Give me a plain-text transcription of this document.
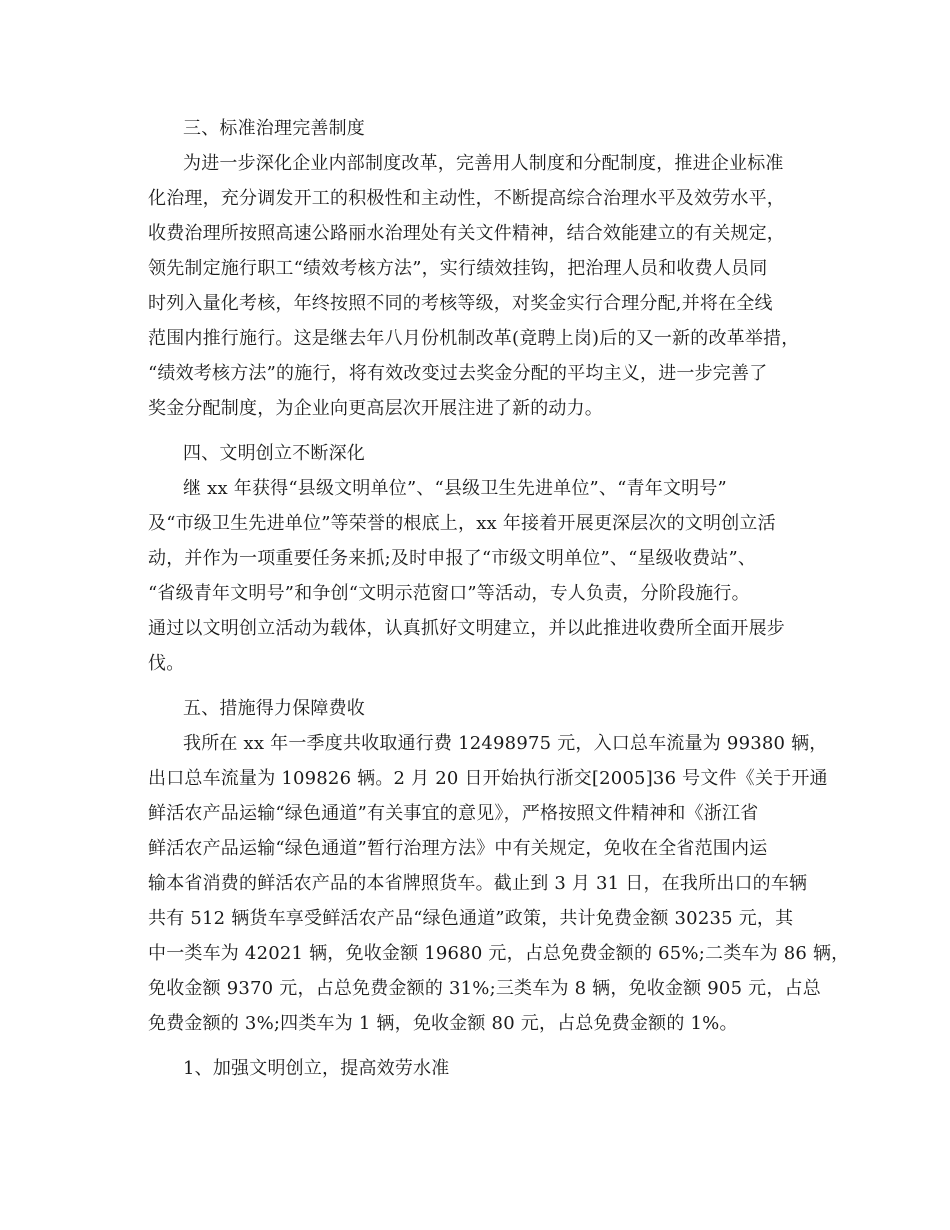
三、标准治理完善制度
为进一步深化企业内部制度改革，完善用人制度和分配制度，推进企业标准
化治理，充分调发开工的积极性和主动性，不断提高综合治理水平及效劳水平，
收费治理所按照高速公路丽水治理处有关文件精神，结合效能建立的有关规定，
领先制定施行职工“绩效考核方法”，实行绩效挂钩，把治理人员和收费人员同
时列入量化考核，年终按照不同的考核等级，对奖金实行合理分配,并将在全线
范围内推行施行。这是继去年八月份机制改革(竟聘上岗)后的又一新的改革举措，
“绩效考核方法”的施行，将有效改变过去奖金分配的平均主义，进一步完善了
奖金分配制度，为企业向更高层次开展注进了新的动力。
四、文明创立不断深化
继 xx 年获得“县级文明单位”、“县级卫生先进单位”、“青年文明号”
及“市级卫生先进单位”等荣誉的根底上，xx 年接着开展更深层次的文明创立活
动，并作为一项重要任务来抓;及时申报了“市级文明单位”、“星级收费站”、
“省级青年文明号”和争创“文明示范窗口”等活动，专人负责，分阶段施行。
通过以文明创立活动为载体，认真抓好文明建立，并以此推进收费所全面开展步
伐。
五、措施得力保障费收
我所在 xx 年一季度共收取通行费 12498975 元，入口总车流量为 99380 辆，
出口总车流量为 109826 辆。2 月 20 日开始执行浙交[2005]36 号文件《关于开通
鲜活农产品运输“绿色通道”有关事宜的意见》，严格按照文件精神和《浙江省
鲜活农产品运输“绿色通道”暂行治理方法》中有关规定，免收在全省范围内运
输本省消费的鲜活农产品的本省牌照货车。截止到 3 月 31 日，在我所出口的车辆
共有 512 辆货车享受鲜活农产品“绿色通道”政策，共计免费金额 30235 元，其
中一类车为 42021 辆，免收金额 19680 元，占总免费金额的 65%;二类车为 86 辆，
免收金额 9370 元，占总免费金额的 31%;三类车为 8 辆，免收金额 905 元，占总
免费金额的 3%;四类车为 1 辆，免收金额 80 元，占总免费金额的 1%。
1、加强文明创立，提高效劳水准
